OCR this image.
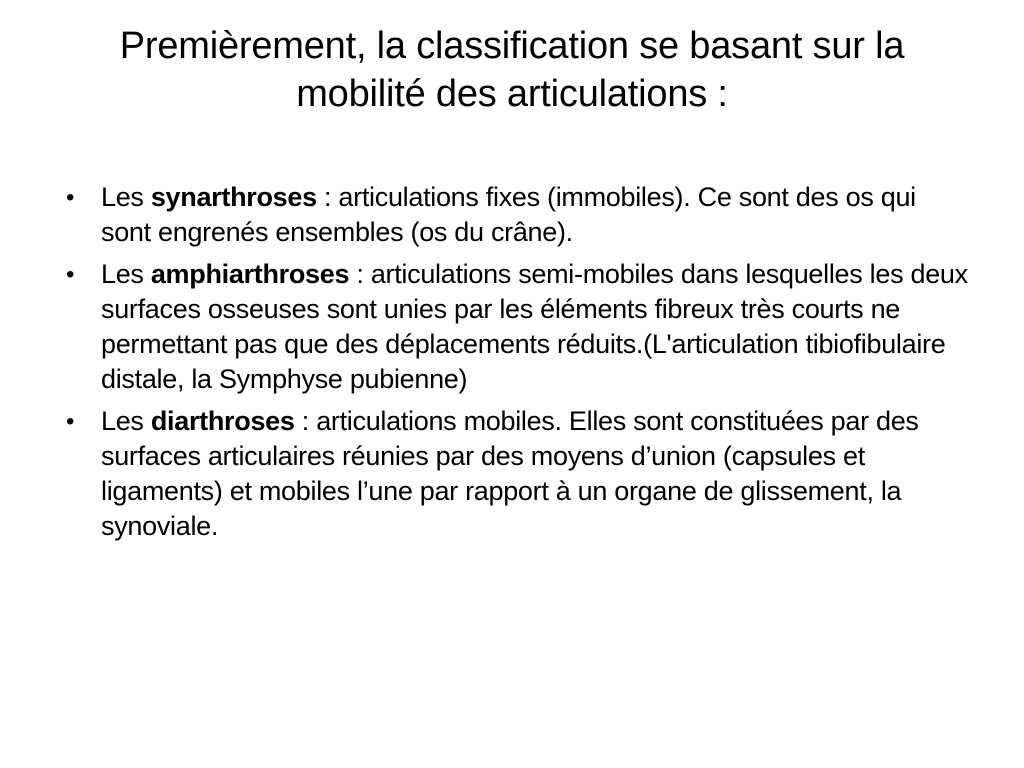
Premièrement, la classification se basant sur la mobilité des articulations :
• Les synarthroses : articulations fixes (immobiles). Ce sont des os qui sont engrenés ensembles (os du crâne).
• Les amphiarthroses : articulations semi-mobiles dans lesquelles les deux surfaces osseuses sont unies par les éléments fibreux très courts ne permettant pas que des déplacements réduits.(L'articulation tibiofibulaire distale, la Symphyse pubienne)
• Les diarthroses : articulations mobiles. Elles sont constituées par des surfaces articulaires réunies par des moyens d’union (capsules et ligaments) et mobiles l’une par rapport à un organe de glissement, la synoviale.
